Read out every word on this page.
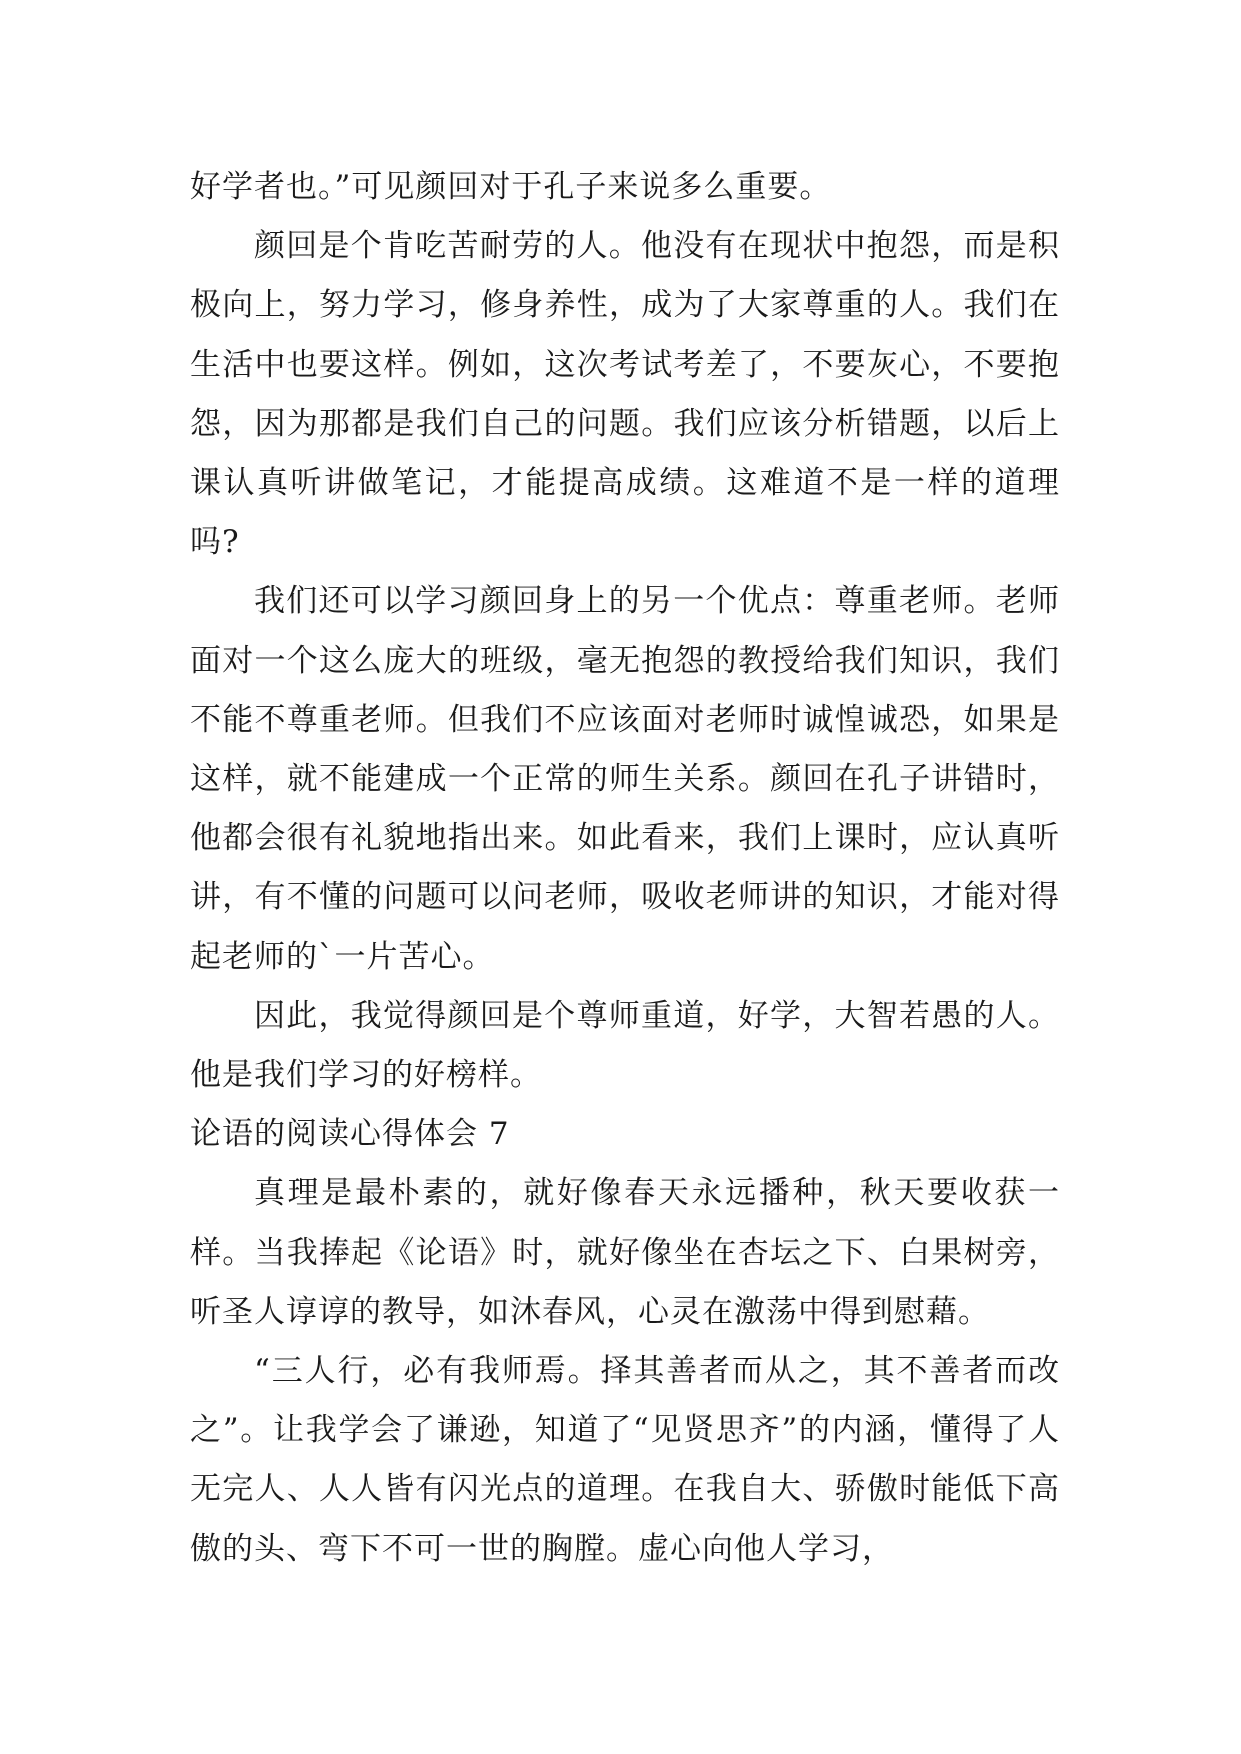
好学者也。”可见颜回对于孔子来说多么重要。

颜回是个肯吃苦耐劳的人。他没有在现状中抱怨，而是积极向上，努力学习，修身养性，成为了大家尊重的人。我们在生活中也要这样。例如，这次考试考差了，不要灰心，不要抱怨，因为那都是我们自己的问题。我们应该分析错题，以后上课认真听讲做笔记，才能提高成绩。这难道不是一样的道理吗?

我们还可以学习颜回身上的另一个优点：尊重老师。老师面对一个这么庞大的班级，毫无抱怨的教授给我们知识，我们不能不尊重老师。但我们不应该面对老师时诚惶诚恐，如果是这样，就不能建成一个正常的师生关系。颜回在孔子讲错时，他都会很有礼貌地指出来。如此看来，我们上课时，应认真听讲，有不懂的问题可以问老师，吸收老师讲的知识，才能对得起老师的`一片苦心。

因此，我觉得颜回是个尊师重道，好学，大智若愚的人。他是我们学习的好榜样。

论语的阅读心得体会 7

真理是最朴素的，就好像春天永远播种，秋天要收获一样。当我捧起《论语》时，就好像坐在杏坛之下、白果树旁，听圣人谆谆的教导，如沐春风，心灵在激荡中得到慰藉。

“三人行，必有我师焉。择其善者而从之，其不善者而改之”。让我学会了谦逊，知道了“见贤思齐”的内涵，懂得了人无完人、人人皆有闪光点的道理。在我自大、骄傲时能低下高傲的头、弯下不可一世的胸膛。虚心向他人学习，
